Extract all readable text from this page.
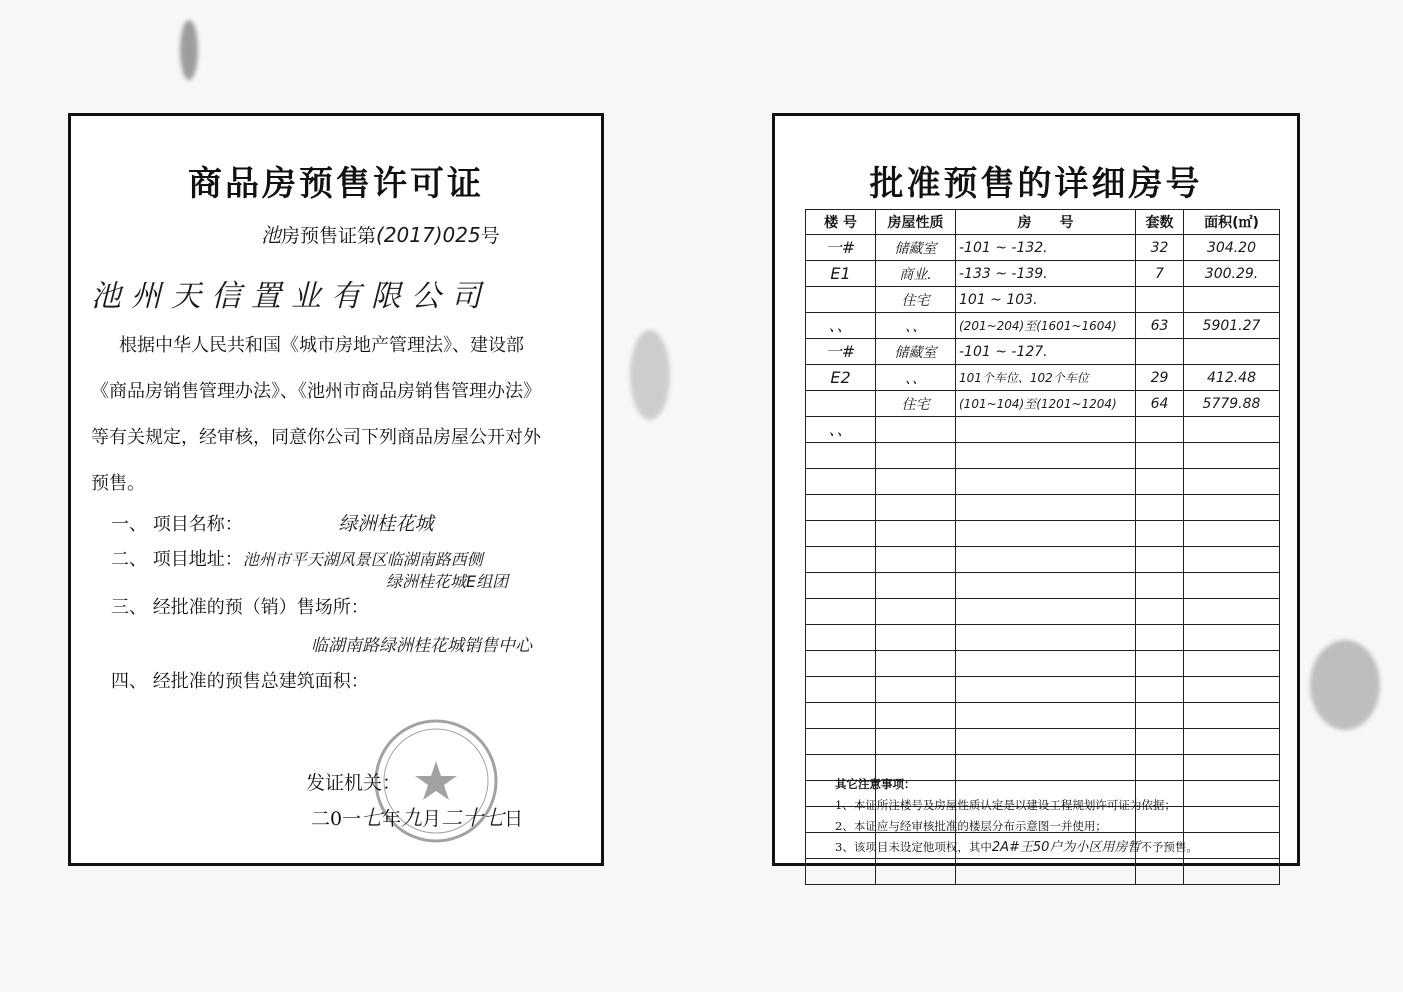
商品房预售许可证
池房预售证第(2017)025号
池州天信置业有限公司
根据中华人民共和国《城市房地产管理法》、建设部
《商品房销售管理办法》、《池州市商品房销售管理办法》
等有关规定，经审核，同意你公司下列商品房屋公开对外
预售。
一、 项目名称：	绿洲桂花城
二、 项目地址：池州市平天湖风景区临湖南路西侧
绿洲桂花城E组团
三、 经批准的预（销）售场所：
临湖南路绿洲桂花城销售中心
四、 经批准的预售总建筑面积：
发证机关：
二0一七年九月二十七日
批准预售的详细房号
楼 号	房屋性质	房　　号	套数	面积(㎡)
一#	储藏室	-101 ~ -132.	32	304.20
E1	商业.	-133 ~ -139.	7	300.29.
	住宅	101 ~ 103.		
、、	、、	(201~204)至(1601~1604)	63	5901.27
一#	储藏室	-101 ~ -127.		
E2	、、	101个车位、102个车位	29	412.48
	住宅	(101~104)至(1201~1204)	64	5779.88
、、				

其它注意事项：
1、本证所注楼号及房屋性质认定是以建设工程规划许可证为依据；
2、本证应与经审核批准的楼层分布示意图一并使用；
3、该项目未设定他项权，其中2A#王50户为小区用房暂不予预售。
